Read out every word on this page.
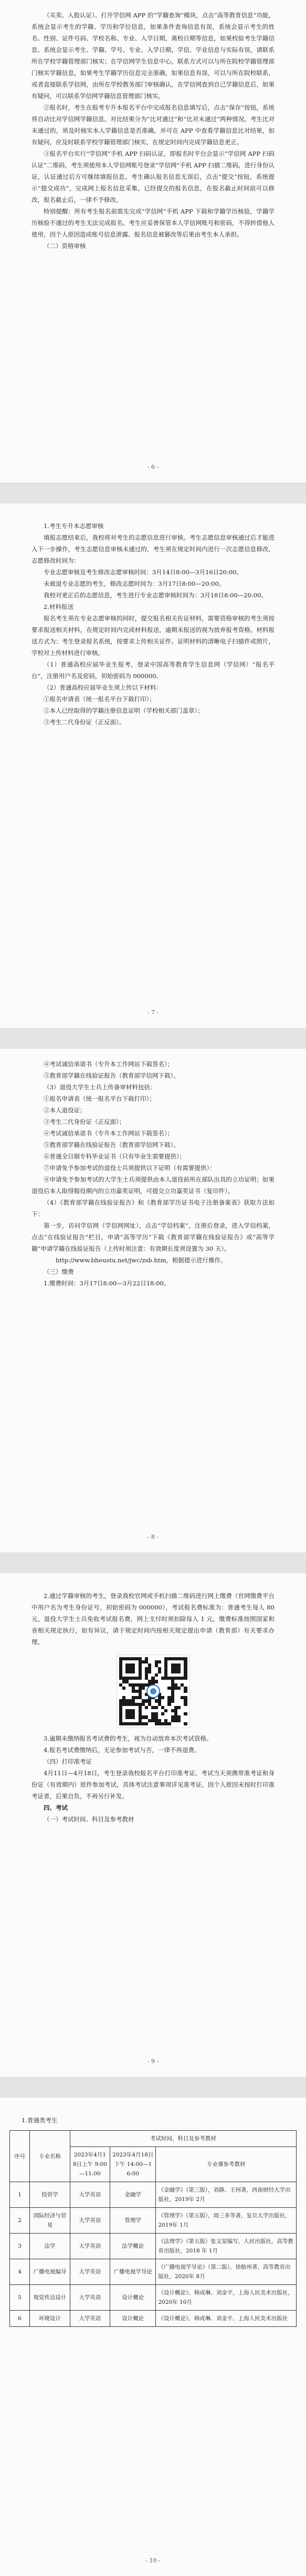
（买卖、入股认证）、打开学信网 APP 的“学籍查询”模块，点击“高等教育信息”功能，系统会显示考生的学籍、学历和学位信息，如果条件查询信息有误，系统会显示考生的姓名、性别、证件号码、学校名称、专业、入学日期，离校日期等信息，如果校验考生学籍信息、系统会显示考生、学籍、学号、专业、入学日期，学信、学业信息与实际有误，请联系所在学校学籍管理部门核实；在学信网学生信息中心，联系方式可以与所在院校学籍管理部门核实学籍信息，如果考生学籍学历信息完全准确，如果信息有误，可以与所在院校联系，或者直接联系学信网，由所在学校教务部门审核确认，在学信网查到自己学籍信息后，如果有疑问，可以联系学信网学籍信息管理部门核实。

②报名时，考生在报考专升本报名平台中完成报名信息填写后，点击“保存”按钮，系统将自动比对学信网学籍信息。对比结果分为“比对通过”和“比对未通过”两种情况。考生比对未通过的，须及时核实本人学籍信息是否准确，并可在 APP 中查看学籍信息比对结果，如有疑问，应及时联系学校学籍管理部门核实，在规定时间内完成学籍信息更正。

③报名平台实行“学信网”手机 APP 扫码认证，即报名时平台会显示“学信网 APP 扫码认证”二维码，考生须使用本人学信网账号登录“学信网”手机 APP 扫描二维码，进行身份认证，认证通过后方可继续填报信息。考生确认报名信息无误后，点击“提交”按钮，系统提示“提交成功”，完成网上报名信息采集。已经提交的报名信息，在报名截止时间前可以修改，报名截止后，一律不予修改。

特别提醒：所有考生报名前需先完成“学信网”手机 APP 下载和学籍学历核验，学籍学历核验不通过的考生无法完成报名。考生应妥善保管本人学信网账号和密码，不得转借他人使用，因个人原因造成账号信息泄露、报名信息被篡改等后果由考生本人承担。

（二）资格审核

- 6 -

1.考生专升本志愿审核

填报志愿结束后，我校将对考生的志愿信息进行审核。考生志愿信息审核通过后才能进入下一步操作，考生志愿信息审核未通过的，考生须在规定时间内进行一次志愿信息修改，志愿修改时间为：

专业志愿审核及考生修改志愿审核时间：3月14日8:00—3月16日20:00。

未被退专业志愿的考生，修改志愿时间为：3月17日8:00—20:00。

我校对更正后的志愿信息，考生进行专业志愿审核时间为：3月18日8:00—20:00。

2.材料报送

报名考生须在专业志愿审核的同时，提交报名相关佐证材料，需要资格审核的考生须按要求报送相关材料，在规定时间内完成材料报送，逾期未报送的视为放弃报考资格。材料报送方式为：考生登录报名系统，按要求上传相关证件、证明材料的清晰电子扫描件或照片，学校对上传材料进行审核。

（1）普通高校应届毕业生报考，登录中国高等教育学生信息网（学信网）“报名平台”，注册用户名及密码，初始密码为 000000。

（2）普通高校应届毕业生须上传以下材料：

①报名申请表（统一报名平台下载打印）；

②本人已经取得的学籍注册信息证明（学校相关部门盖章）；

③考生二代身份证（正反面）。

- 7 -

④考试诚信承诺书（专升本工作网站下载签名）；

⑤教育部学籍在线验证报告（教育部学信网下载）。

（3）退役大学生士兵上传备审材料包括：

①报名申请表（统一报名平台下载打印）；

②本人退役证；

③考生二代身份证（正反面）；

④考试诚信承诺书（专升本工作网站下载签名）；

⑤教育部学籍在线验证报告（教育部学信网下载）。

⑥普通全日制专科毕业证书（只有毕业生需要提供）；

⑦申请免予参加考试的退役士兵须提供以下证明（有需要提供）：

⑧申请免予参加考试的大学生士兵须提供由本人退役前所在部队出具的立功证明；如果退役后本人取得服役期内的立功嘉奖证明，可提交立功嘉奖证书（复印件）。

（4）《教育部学籍在线验证报告》和《教育部学历证书电子注册备案表》获取方法如下：

第一步，访问学信网（学信网网址），点击“学信档案”，注册后登录，进入学信档案，点击“在线验证报告”栏目，申请“高等学历”下载《教育部学籍在线验证报告》或“高等学籍”申请学籍在线验证报告（上传时须注意：有效期长度须设置为 30 天）。

http://www.bheustu.net/jwc/zsb.htm，根据提示进行操作。

（三）缴费

1.缴费时间：3月17日8:00—3月22日18:00。

- 8 -

2.通过学籍审核的考生，登录我校官网或手机扫描二维码进行网上缴费（官网缴费平台中用户名为考生身份证号，初始密码为 000000），考试报名费标准为：普通考生每人 80 元，退役大学生士兵免收考试报名费，网上支付时须扣除每人 1 元，缴费标准按照国家和省相关规定执行，如有异议，请于规定时间内按相关规定提出申请（教育部）有关要求办理。

3.逾期未缴纳报名考试费的考生，视为自动放弃本次考试资格。

4.报名考试费缴纳后，无论参加考试与否，一律不再退费。

（四）打印准考证

4月11日—4月18日，考生登录我校报名平台打印准考证。考试当天须携带准考证和身份证（有效期内）原件参加考试，具体考试注意事项详见准考证。因个人原因未按时打印准考证者，后果自负，不再另行补发。

四、考试

（一）考试时间、科目及参考教材

- 9 -

1.普通类考生

序号	专业名称	考试时间、科目及参考教材		
		2023年4月18日上午 9:00—11:00	2023年4月18日下午 14:00—16:00	专业课参考教材
1	投资学	大学英语	金融学	《金融学》（第三版），刘静、王珂著，西南财经大学出版社，2019年 2月
2	国际经济与贸易	大学英语	管理学	《管理学》（第五版），周三多等著，复旦大学出版社，2019年 1月
3	法学	大学英语	法学概论	《法理学》（第五版）张文显编写，人民出版社，高等教育出版社，2018 年 1月
4	广播电视编导	大学英语	广播电视学导论	《广播电视学导论》（第二版），徐舫州著，高等教育出版社，2020年 8月
5	视觉传达设计	大学英语	设计概论	《设计概论》，韩成琳、刘金平，上海人民美术出版社，2020年 10月
6	环境设计	大学英语	设计概论	《设计概论》，韩成琳、刘金平，上海人民美术出版社
- 10 -
